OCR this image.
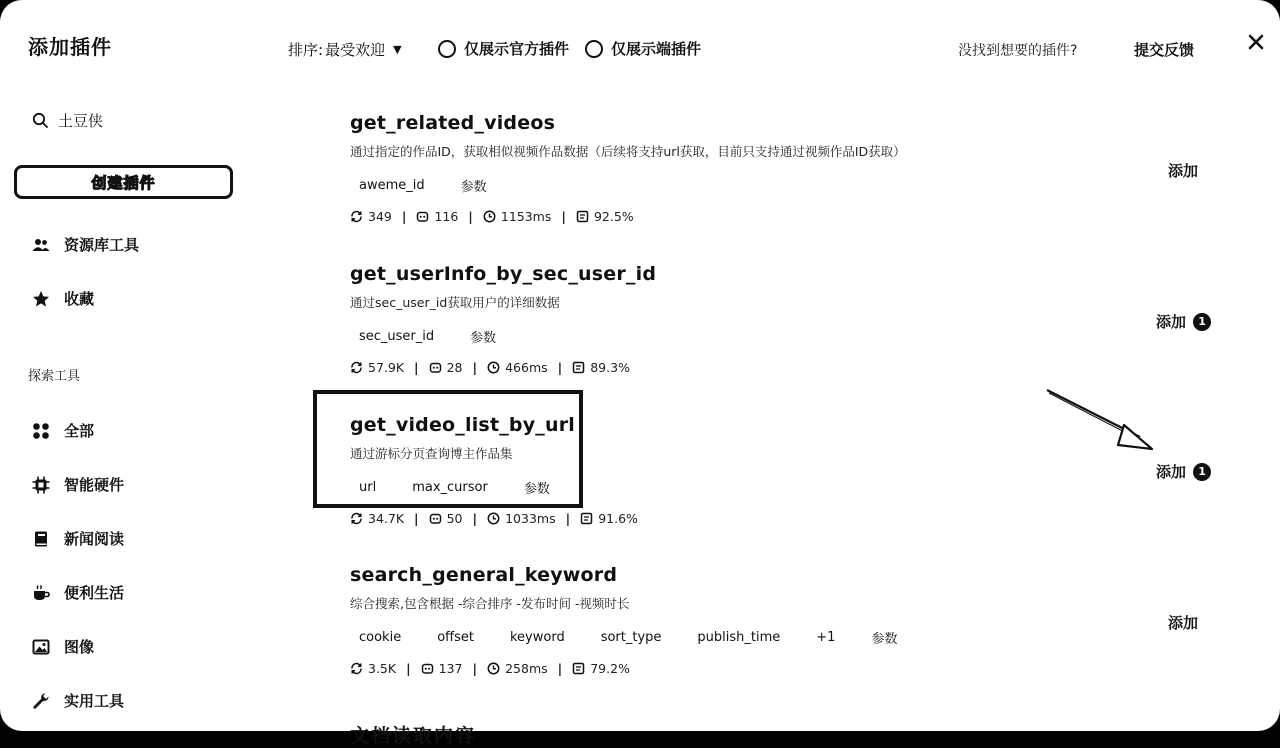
添加插件	排序: 最受欢迎 ▼	仅展示官方插件	仅展示端插件	没找到想要的插件?	提交反馈
土豆侠
创建插件
资源库工具
收藏
探索工具
全部
智能硬件
新闻阅读
便利生活
图像
实用工具
get_related_videos
通过指定的作品ID，获取相似视频作品数据（后续将支持url获取，目前只支持通过视频作品ID获取）
aweme_id	参数
349 | 116 | 1153ms | 92.5%
添加
get_userInfo_by_sec_user_id
通过sec_user_id获取用户的详细数据
sec_user_id	参数
57.9K | 28 | 466ms | 89.3%
添加	1
get_video_list_by_url
通过游标分页查询博主作品集
url	max_cursor	参数
34.7K | 50 | 1033ms | 91.6%
添加	1
search_general_keyword
综合搜索,包含根据 -综合排序 -发布时间 -视频时长
cookie	offset	keyword	sort_type	publish_time	+1	参数
3.5K | 137 | 258ms | 79.2%
添加
文档读取内容
